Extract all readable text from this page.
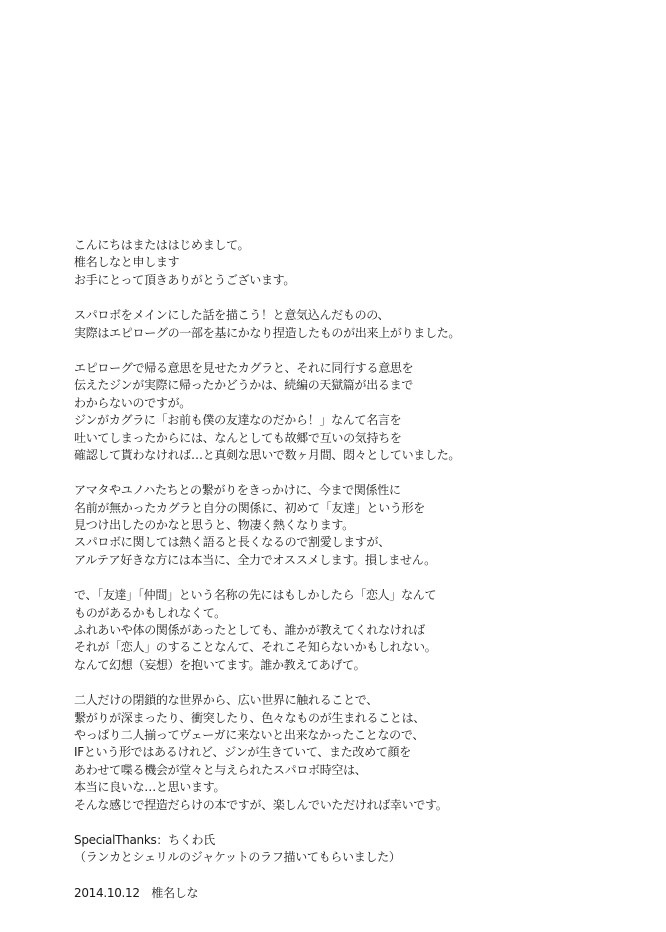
こんにちはまたははじめまして。
椎名しなと申します
お手にとって頂きありがとうございます。
スパロボをメインにした話を描こう！と意気込んだものの、
実際はエピローグの一部を基にかなり捏造したものが出来上がりました。
エピローグで帰る意思を見せたカグラと、それに同行する意思を
伝えたジンが実際に帰ったかどうかは、続編の天獄篇が出るまで
わからないのですが。
ジンがカグラに「お前も僕の友達なのだから！」なんて名言を
吐いてしまったからには、なんとしても故郷で互いの気持ちを
確認して貰わなければ…と真剣な思いで数ヶ月間、悶々としていました。
アマタやユノハたちとの繋がりをきっかけに、今まで関係性に
名前が無かったカグラと自分の関係に、初めて「友達」という形を
見つけ出したのかなと思うと、物凄く熱くなります。
スパロボに関しては熱く語ると長くなるので割愛しますが、
アルテア好きな方には本当に、全力でオススメします。損しません。
で、「友達」「仲間」という名称の先にはもしかしたら「恋人」なんて
ものがあるかもしれなくて。
ふれあいや体の関係があったとしても、誰かが教えてくれなければ
それが「恋人」のすることなんて、それこそ知らないかもしれない。
なんて幻想（妄想）を抱いてます。誰か教えてあげて。
二人だけの閉鎖的な世界から、広い世界に触れることで、
繋がりが深まったり、衝突したり、色々なものが生まれることは、
やっぱり二人揃ってヴェーガに来ないと出来なかったことなので、
IFという形ではあるけれど、ジンが生きていて、また改めて顔を
あわせて喋る機会が堂々と与えられたスパロボ時空は、
本当に良いな…と思います。
そんな感じで捏造だらけの本ですが、楽しんでいただければ幸いです。
SpecialThanks：ちくわ氏
（ランカとシェリルのジャケットのラフ描いてもらいました）
2014.10.12　椎名しな
